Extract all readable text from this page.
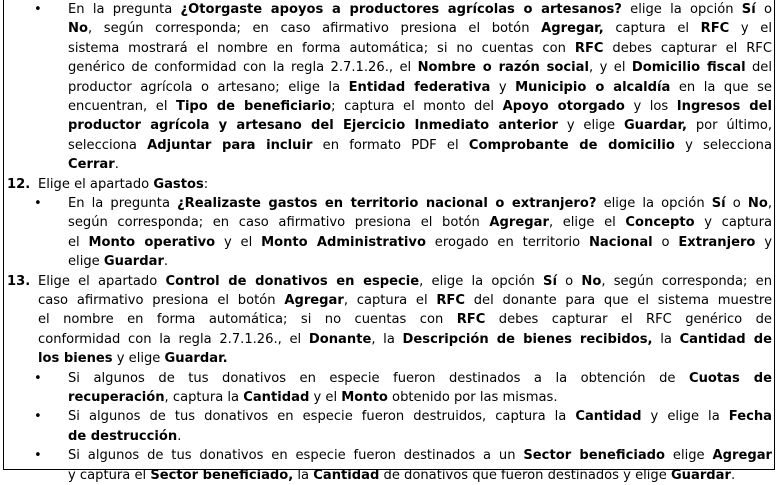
En la pregunta ¿Otorgaste apoyos a productores agrícolas o artesanos? elige la opción Sí o
•
No, según corresponda; en caso afirmativo presiona el botón Agregar, captura el RFC y el
sistema mostrará el nombre en forma automática; si no cuentas con RFC debes capturar el RFC
genérico de conformidad con la regla 2.7.1.26., el Nombre o razón social, y el Domicilio fiscal del
productor agrícola o artesano; elige la Entidad federativa y Municipio o alcaldía en la que se
encuentran, el Tipo de beneficiario; captura el monto del Apoyo otorgado y los Ingresos del
productor agrícola y artesano del Ejercicio Inmediato anterior y elige Guardar, por último,
selecciona Adjuntar para incluir en formato PDF el Comprobante de domicilio y selecciona
Cerrar.
Elige el apartado Gastos:
12.
En la pregunta ¿Realizaste gastos en territorio nacional o extranjero? elige la opción Sí o No,
•
según corresponda; en caso afirmativo presiona el botón Agregar, elige el Concepto y captura
el Monto operativo y el Monto Administrativo erogado en territorio Nacional o Extranjero y
elige Guardar.
Elige el apartado Control de donativos en especie, elige la opción Sí o No, según corresponda; en
13.
caso afirmativo presiona el botón Agregar, captura el RFC del donante para que el sistema muestre
el nombre en forma automática; si no cuentas con RFC debes capturar el RFC genérico de
conformidad con la regla 2.7.1.26., el Donante, la Descripción de bienes recibidos, la Cantidad de
los bienes y elige Guardar.
Si algunos de tus donativos en especie fueron destinados a la obtención de Cuotas de
•
recuperación, captura la Cantidad y el Monto obtenido por las mismas.
Si algunos de tus donativos en especie fueron destruidos, captura la Cantidad y elige la Fecha
•
de destrucción.
Si algunos de tus donativos en especie fueron destinados a un Sector beneficiado elige Agregar
•
y captura el Sector beneficiado, la Cantidad de donativos que fueron destinados y elige Guardar.
